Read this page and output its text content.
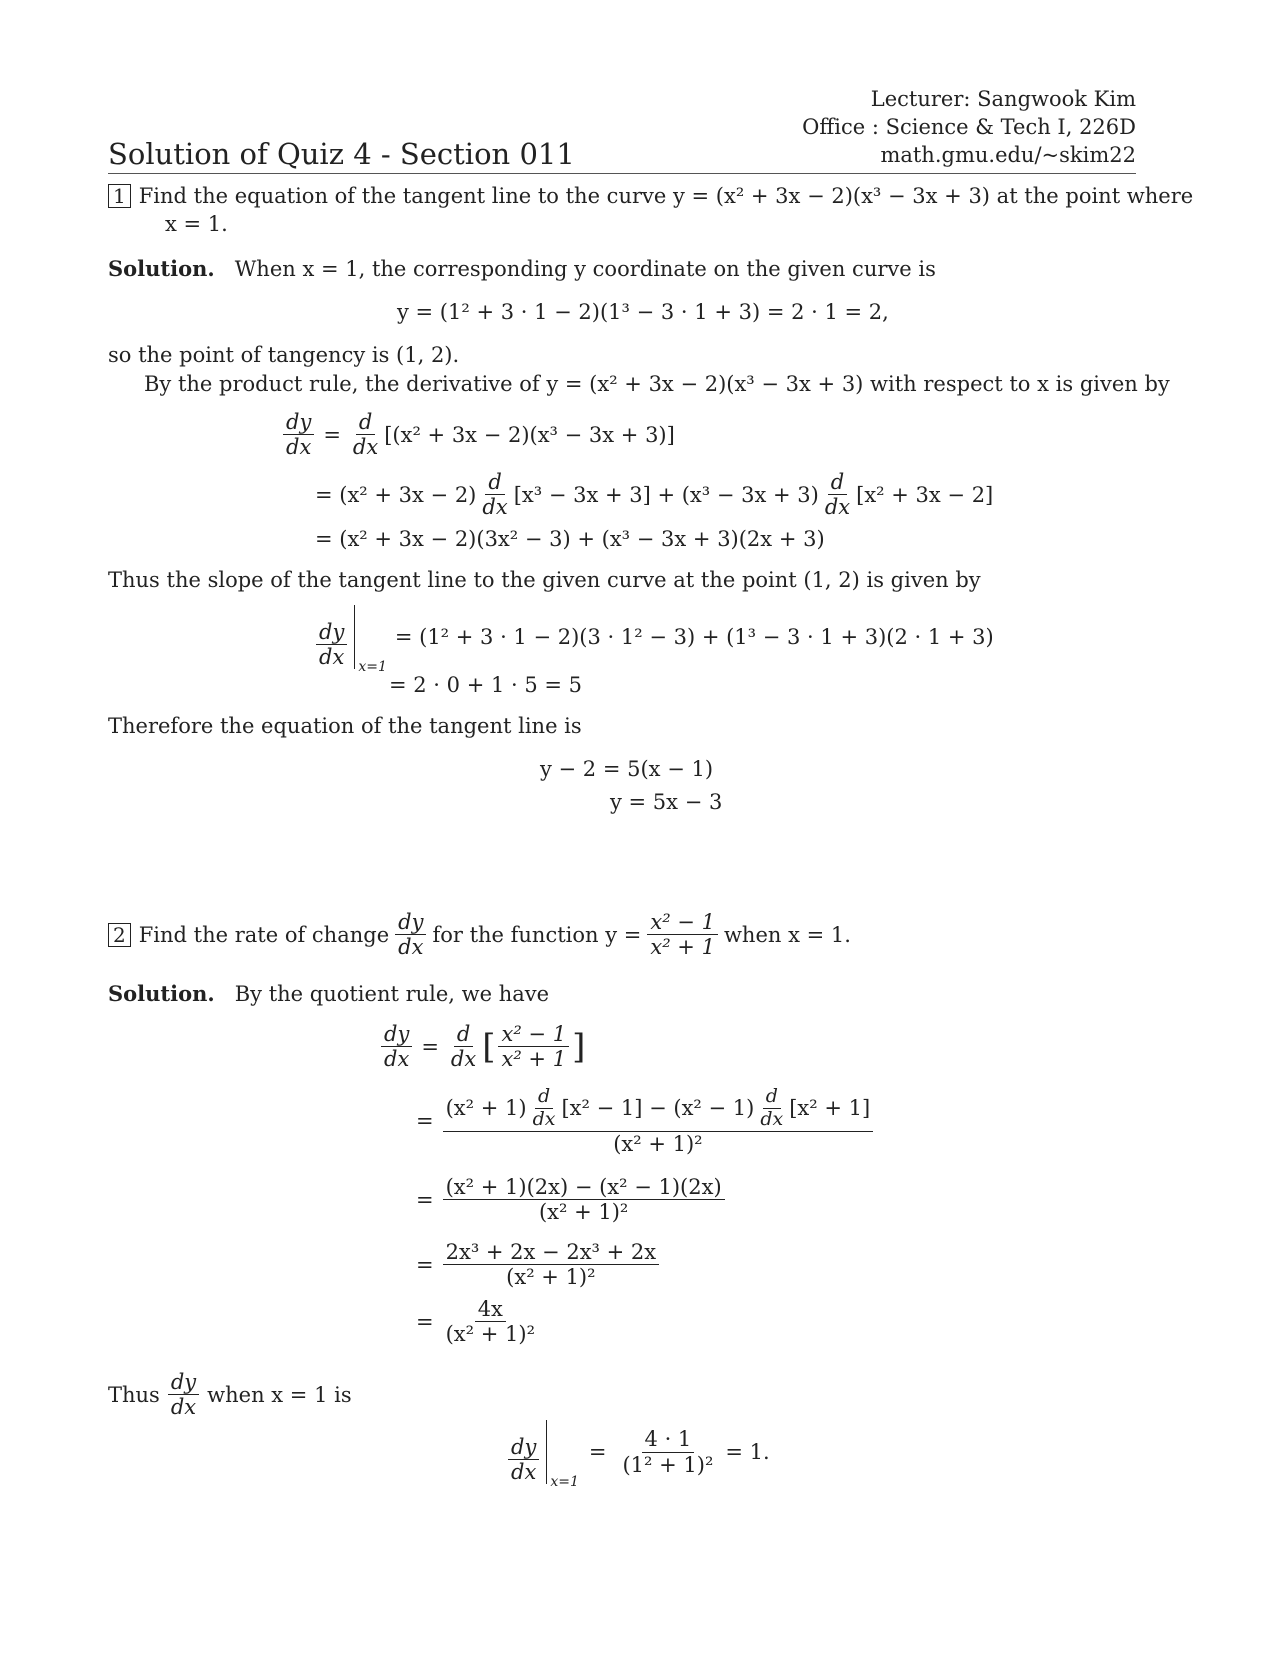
Lecturer: Sangwook Kim
Office : Science & Tech I, 226D
math.gmu.edu/~skim22
Solution of Quiz 4 - Section 011
1 Find the equation of the tangent line to the curve y = (x² + 3x − 2)(x³ − 3x + 3) at the point where
x = 1.
Solution. When x = 1, the corresponding y coordinate on the given curve is
y = (1² + 3 · 1 − 2)(1³ − 3 · 1 + 3) = 2 · 1 = 2,
so the point of tangency is (1, 2).
By the product rule, the derivative of y = (x² + 3x − 2)(x³ − 3x + 3) with respect to x is given by
$\frac{dy}{dx} = \frac{d}{dx} [(x^2 + 3x - 2)(x^3 - 3x + 3)]$
= $(x^2 + 3x - 2) \frac{d}{dx} [x^3 - 3x + 3] + (x^3 - 3x + 3) \frac{d}{dx} [x^2 + 3x - 2]$
= (x² + 3x − 2)(3x² − 3) + (x³ − 3x + 3)(2x + 3)
Thus the slope of the tangent line to the given curve at the point (1, 2) is given by
$\frac{dy}{dx} x=1$
= (1² + 3 · 1 − 2)(3 · 1² − 3) + (1³ − 3 · 1 + 3)(2 · 1 + 3)
= 2 · 0 + 1 · 5 = 5
Therefore the equation of the tangent line is
y − 2 = 5(x − 1)
y = 5x − 3
2 Find the rate of change $\frac{dy}{dx}$ for the function $y = \frac{\text{x² − 1}}{\text{x² + 1}}$ when x = 1.
Solution. By the quotient rule, we have
$\frac{dy}{dx} = \frac{d}{dx}$ [ $\frac{\text{x² − 1}}{\text{x² + 1}}$ ]
=
$(x^2 + 1) \frac{d}{dx} [x^2 - 1] - (x^2 - 1) \frac{d}{dx} [x^2 + 1]$
(x² + 1)²
= $\frac{\text{(x² + 1)(2x) − (x² − 1)(2x)}}{\text{(x² + 1)²}}$
= $\frac{\text{2x³ + 2x − 2x³ + 2x}}{\text{(x² + 1)²}}$
= $\frac{4x}{\text{(x² + 1)²}}$
Thus $\frac{dy}{dx}$ when x = 1 is
$\frac{dy}{dx} x=1$
= $\frac{4 \cdot 1}{\text{(1² + 1)²}} = 1$.
